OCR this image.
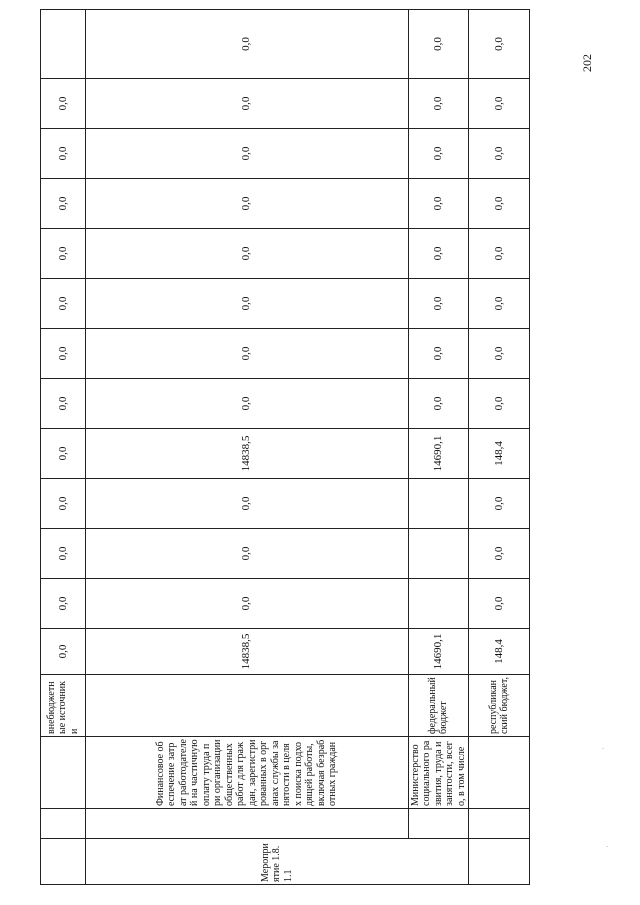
202
			внебюджетные источники	0,0	0,0	0,0	0,0	0,0	0,0	0,0	0,0	0,0	0,0	0,0	0,0	
Мероприятие 1.8.1.1		Финансовое обеспечение затрат работодателей на частичную оплату труда при организации общественных работ для граждан, зарегистрированных в органах службы занятости в целях поиска подходящей работы, включая безработных граждан		14838,5	0,0	0,0	0,0	14838,5	0,0	0,0	0,0	0,0	0,0	0,0	0,0	0,0

		Министерство социального развития, труда и занятости, всего, в том числе	федеральный бюджет	14690,1				14690,1	0,0	0,0	0,0	0,0	0,0	0,0	0,0	0,0
			республиканский бюджет,	148,4	0,0	0,0	0,0	148,4	0,0	0,0	0,0	0,0	0,0	0,0	0,0	0,0
.
.
